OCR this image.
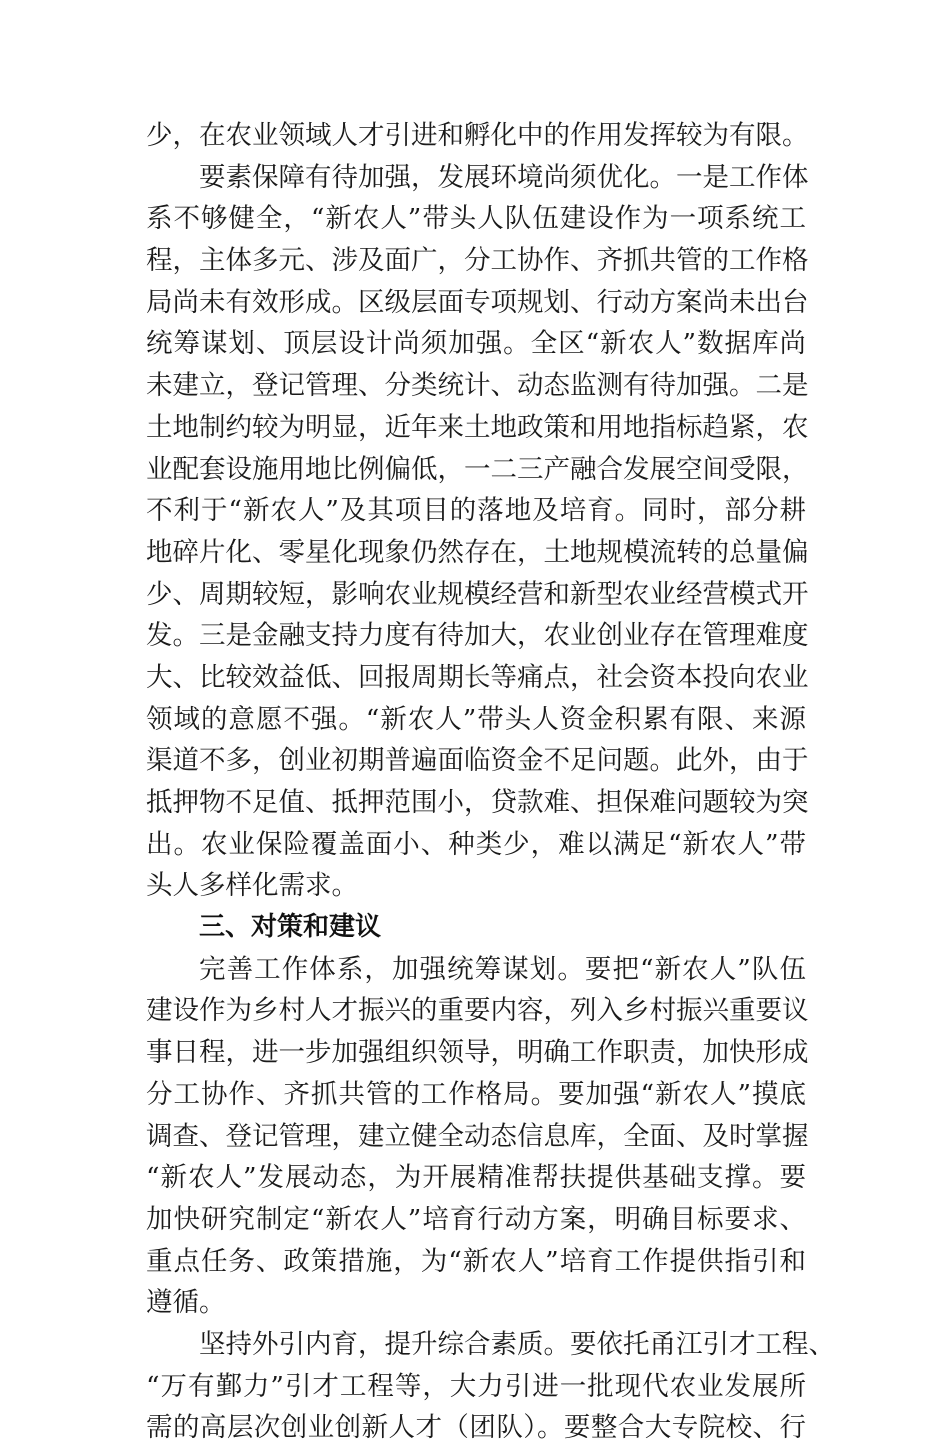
少，在农业领域人才引进和孵化中的作用发挥较为有限。
要素保障有待加强，发展环境尚须优化。一是工作体
系不够健全，“新农人”带头人队伍建设作为一项系统工
程，主体多元、涉及面广，分工协作、齐抓共管的工作格
局尚未有效形成。区级层面专项规划、行动方案尚未出台
统筹谋划、顶层设计尚须加强。全区“新农人”数据库尚
未建立，登记管理、分类统计、动态监测有待加强。二是
土地制约较为明显，近年来土地政策和用地指标趋紧，农
业配套设施用地比例偏低，一二三产融合发展空间受限，
不利于“新农人”及其项目的落地及培育。同时，部分耕
地碎片化、零星化现象仍然存在，土地规模流转的总量偏
少、周期较短，影响农业规模经营和新型农业经营模式开
发。三是金融支持力度有待加大，农业创业存在管理难度
大、比较效益低、回报周期长等痛点，社会资本投向农业
领域的意愿不强。“新农人”带头人资金积累有限、来源
渠道不多，创业初期普遍面临资金不足问题。此外，由于
抵押物不足值、抵押范围小，贷款难、担保难问题较为突
出。农业保险覆盖面小、种类少，难以满足“新农人”带
头人多样化需求。
三、对策和建议
完善工作体系，加强统筹谋划。要把“新农人”队伍
建设作为乡村人才振兴的重要内容，列入乡村振兴重要议
事日程，进一步加强组织领导，明确工作职责，加快形成
分工协作、齐抓共管的工作格局。要加强“新农人”摸底
调查、登记管理，建立健全动态信息库，全面、及时掌握
“新农人”发展动态，为开展精准帮扶提供基础支撑。要
加快研究制定“新农人”培育行动方案，明确目标要求、
重点任务、政策措施，为“新农人”培育工作提供指引和
遵循。
坚持外引内育，提升综合素质。要依托甬江引才工程、
“万有鄞力”引才工程等，大力引进一批现代农业发展所
需的高层次创业创新人才（团队）。要整合大专院校、行
